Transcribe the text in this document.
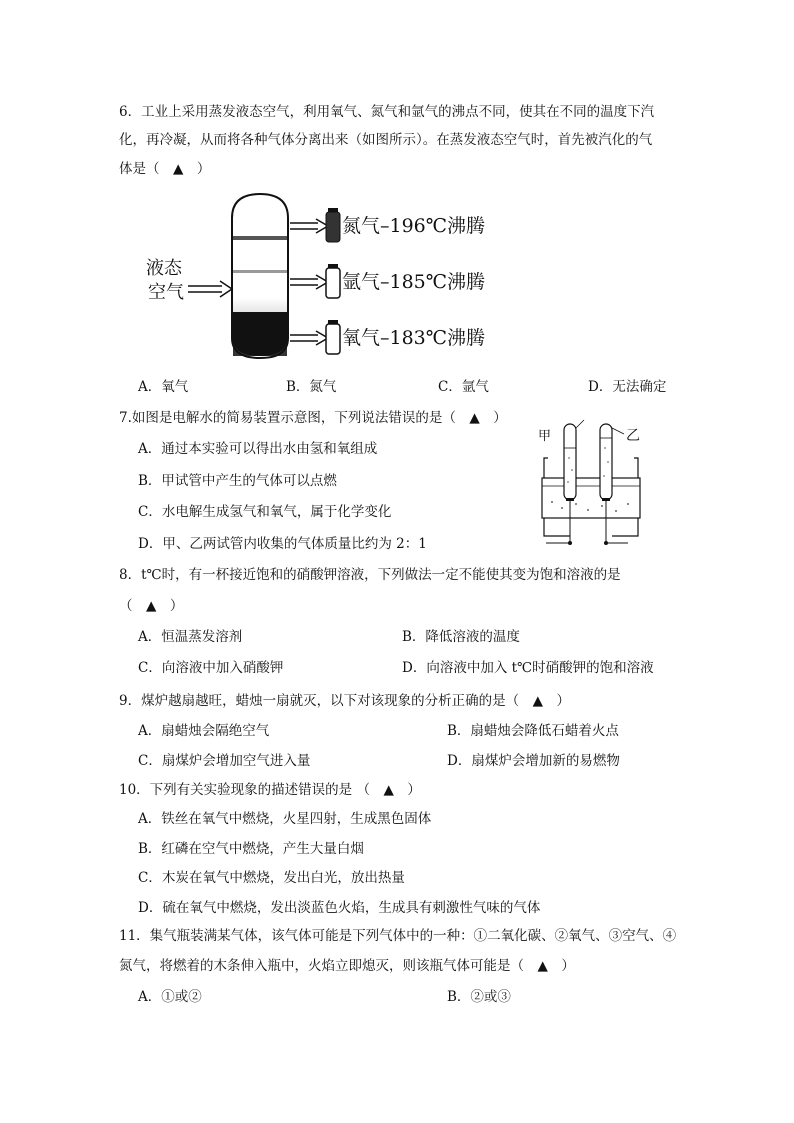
6．工业上采用蒸发液态空气，利用氧气、氮气和氩气的沸点不同，使其在不同的温度下汽
化，再冷凝，从而将各种气体分离出来（如图所示）。在蒸发液态空气时，首先被汽化的气
体是（　▲　）
液态
空气
氮气–196℃沸腾
氩气–185℃沸腾
氧气–183℃沸腾
A．氧气	B．氮气	C．氩气	D．无法确定
7.如图是电解水的简易装置示意图，下列说法错误的是（　▲　）
A．通过本实验可以得出水由氢和氧组成
B．甲试管中产生的气体可以点燃
C．水电解生成氢气和氧气，属于化学变化
D．甲、乙两试管内收集的气体质量比约为 2：1
甲	乙
8．t℃时，有一杯接近饱和的硝酸钾溶液，下列做法一定不能使其变为饱和溶液的是
（　▲　）
A．恒温蒸发溶剂	B．降低溶液的温度
C．向溶液中加入硝酸钾	D．向溶液中加入 t℃时硝酸钾的饱和溶液
9．煤炉越扇越旺，蜡烛一扇就灭，以下对该现象的分析正确的是（　▲　）
A．扇蜡烛会隔绝空气	B．扇蜡烛会降低石蜡着火点
C．扇煤炉会增加空气进入量	D．扇煤炉会增加新的易燃物
10．下列有关实验现象的描述错误的是 （　▲　）
A．铁丝在氧气中燃烧，火星四射，生成黑色固体
B．红磷在空气中燃烧，产生大量白烟
C．木炭在氧气中燃烧，发出白光，放出热量
D．硫在氧气中燃烧，发出淡蓝色火焰，生成具有刺激性气味的气体
11．集气瓶装满某气体，该气体可能是下列气体中的一种：①二氧化碳、②氧气、③空气、④
氮气，将燃着的木条伸入瓶中，火焰立即熄灭，则该瓶气体可能是（　▲　）
A．①或②	B．②或③
